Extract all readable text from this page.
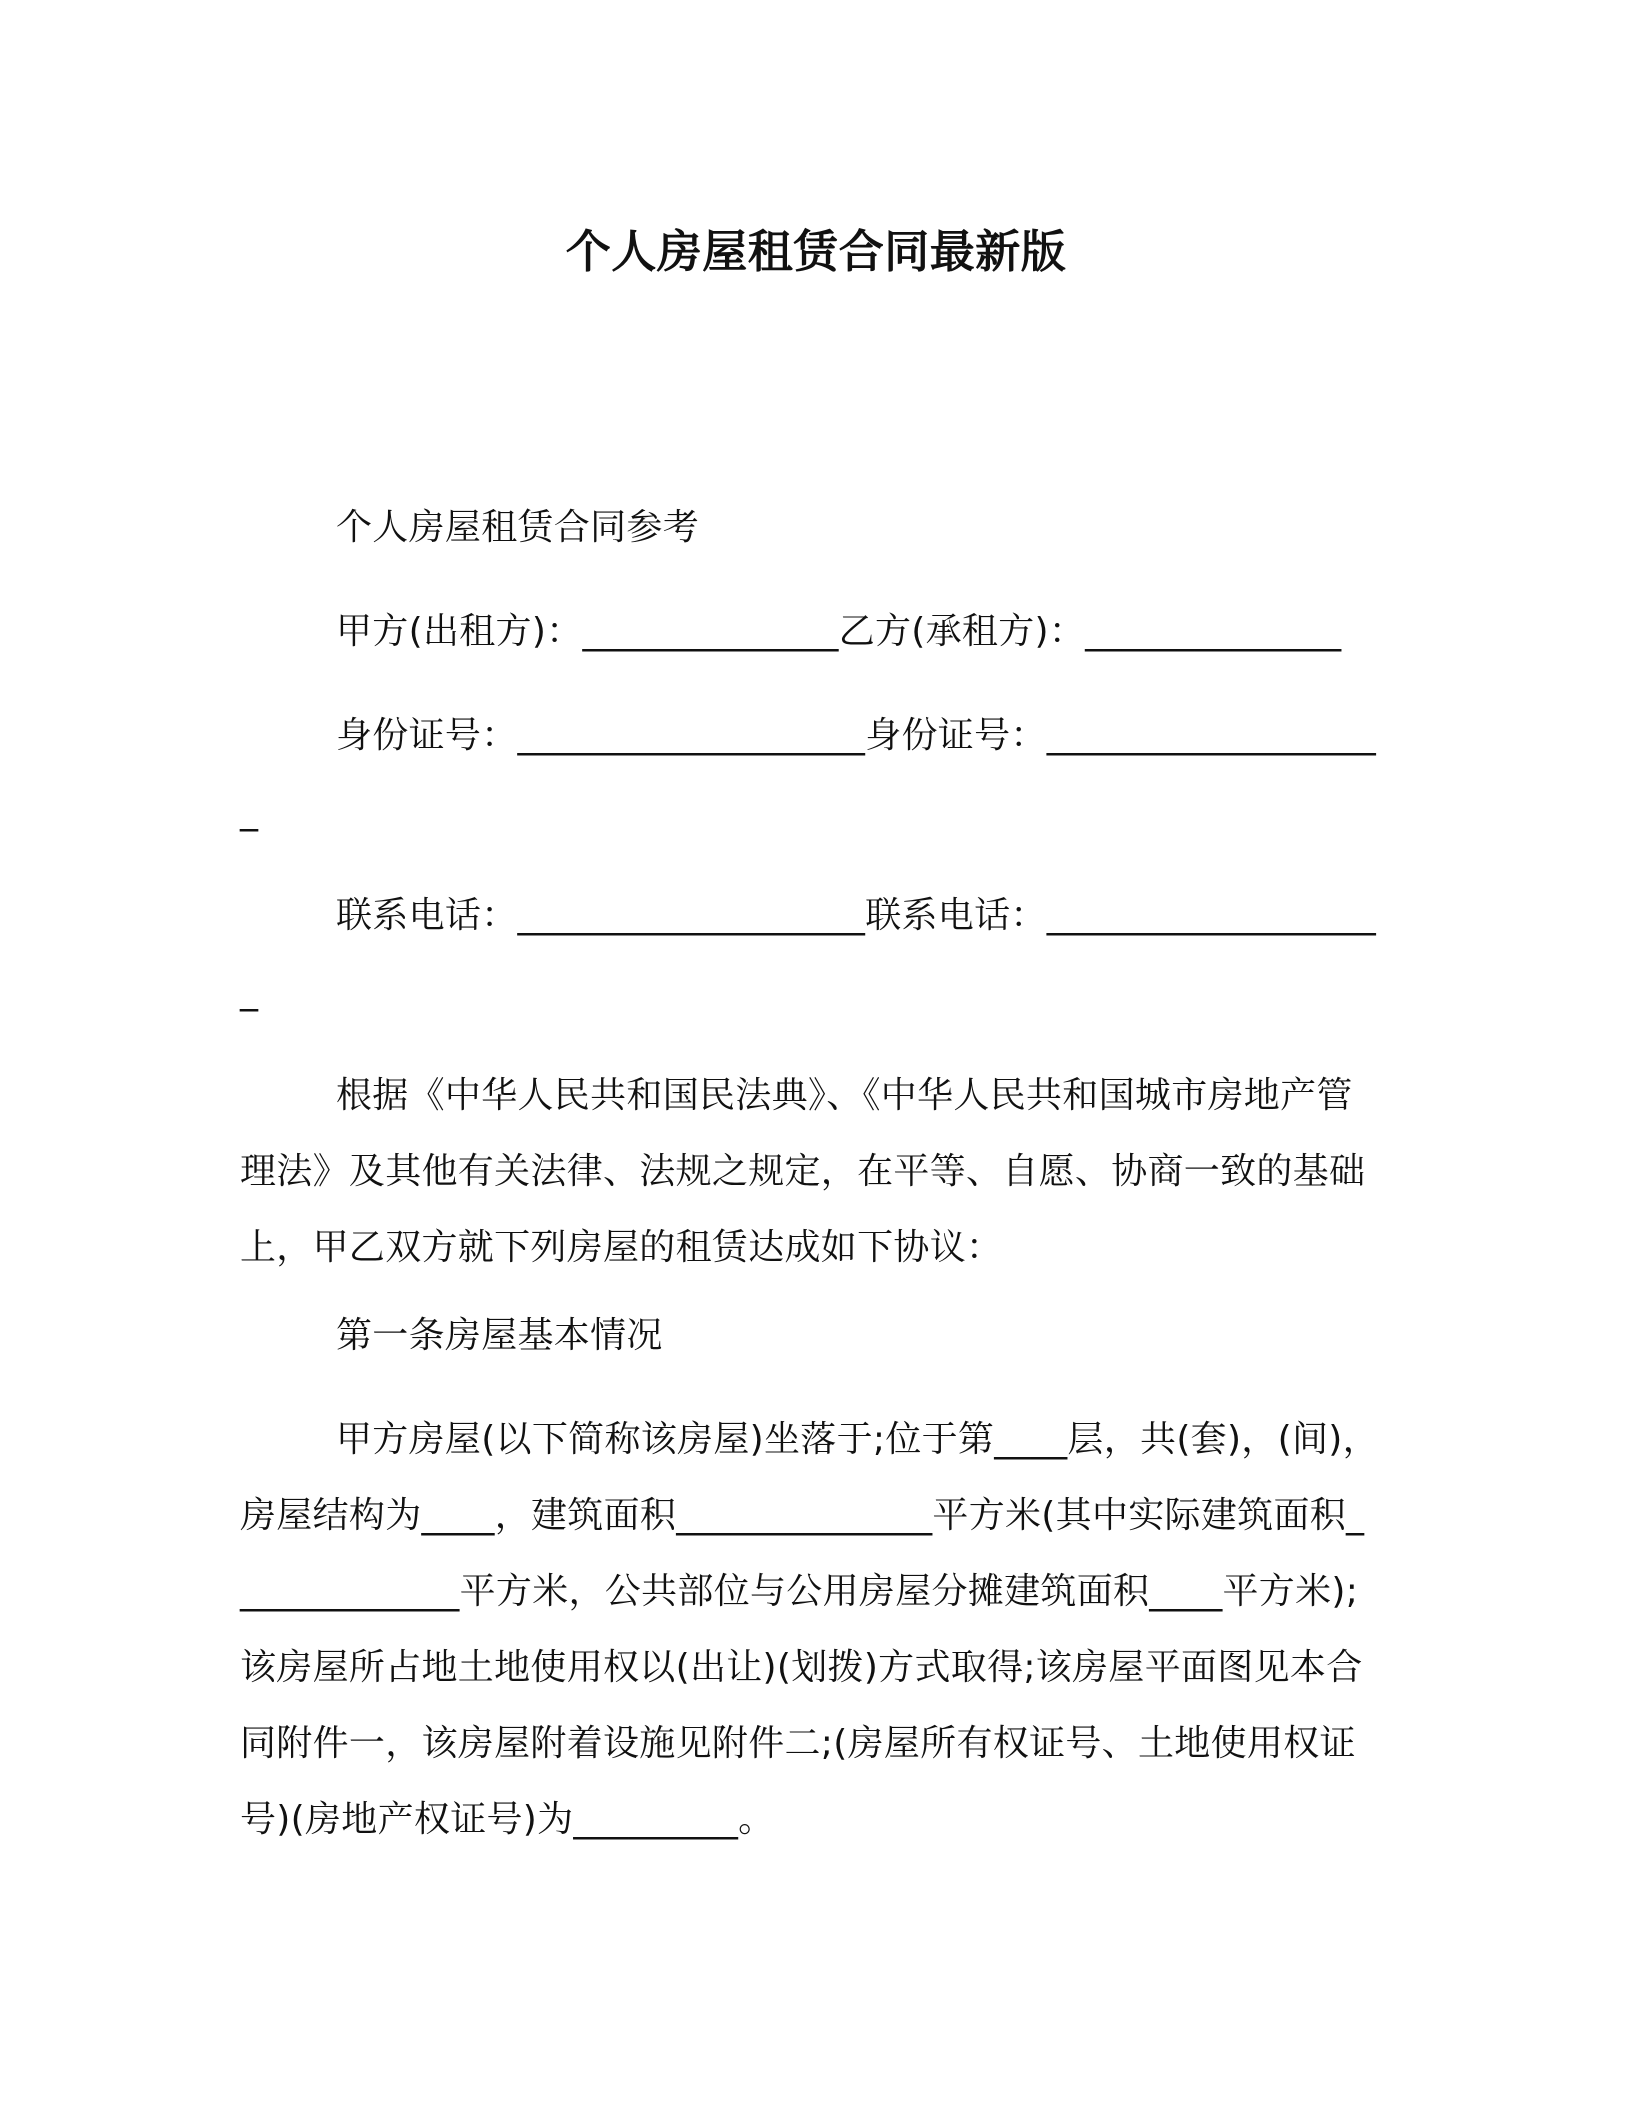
个人房屋租赁合同最新版

个人房屋租赁合同参考

甲方(出租方)：______________乙方(承租方)：______________

身份证号：___________________身份证号：___________________

联系电话：___________________联系电话：___________________

根据《中华人民共和国民法典》、《中华人民共和国城市房地产管理法》及其他有关法律、法规之规定，在平等、自愿、协商一致的基础上，甲乙双方就下列房屋的租赁达成如下协议：

第一条房屋基本情况

甲方房屋(以下简称该房屋)坐落于;位于第____层，共(套)，(间)，房屋结构为____，建筑面积______________平方米(其中实际建筑面积_____________平方米，公共部位与公用房屋分摊建筑面积____平方米);该房屋所占地土地使用权以(出让)(划拨)方式取得;该房屋平面图见本合同附件一，该房屋附着设施见附件二;(房屋所有权证号、土地使用权证号)(房地产权证号)为_________。
